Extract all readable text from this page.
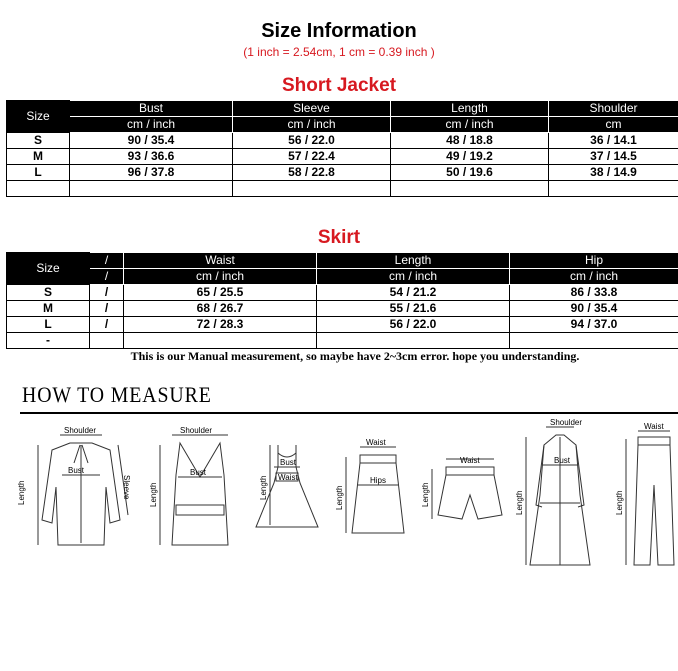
Size Information
(1 inch = 2.54cm, 1 cm = 0.39 inch )
Short Jacket
Size	Bust	Sleeve	Length	Shoulder
	cm / inch	cm / inch	cm / inch	cm
S	90 / 35.4	56 / 22.0	48 / 18.8	36 / 14.1
M	93 / 36.6	57 / 22.4	49 / 19.2	37 / 14.5
L	96 / 37.8	58 / 22.8	50 / 19.6	38 / 14.9

Skirt
Size	/	Waist	Length	Hip
	/	cm / inch	cm / inch	cm / inch
S	/	65 / 25.5	54 / 21.2	86 / 33.8
M	/	68 / 26.7	55 / 21.6	90 / 35.4
L	/	72 / 28.3	56 / 22.0	94 / 37.0
-				
This is our Manual measurement, so maybe have 2~3cm error. hope you understanding.
HOW TO MEASURE
Shoulder
Bust
Length	Sleeve
Shoulder
Bust
Length
Bust
Waist
Length
Waist
Hips
Length
Waist
Length
Shoulder
Bust
Length
Waist
Length
